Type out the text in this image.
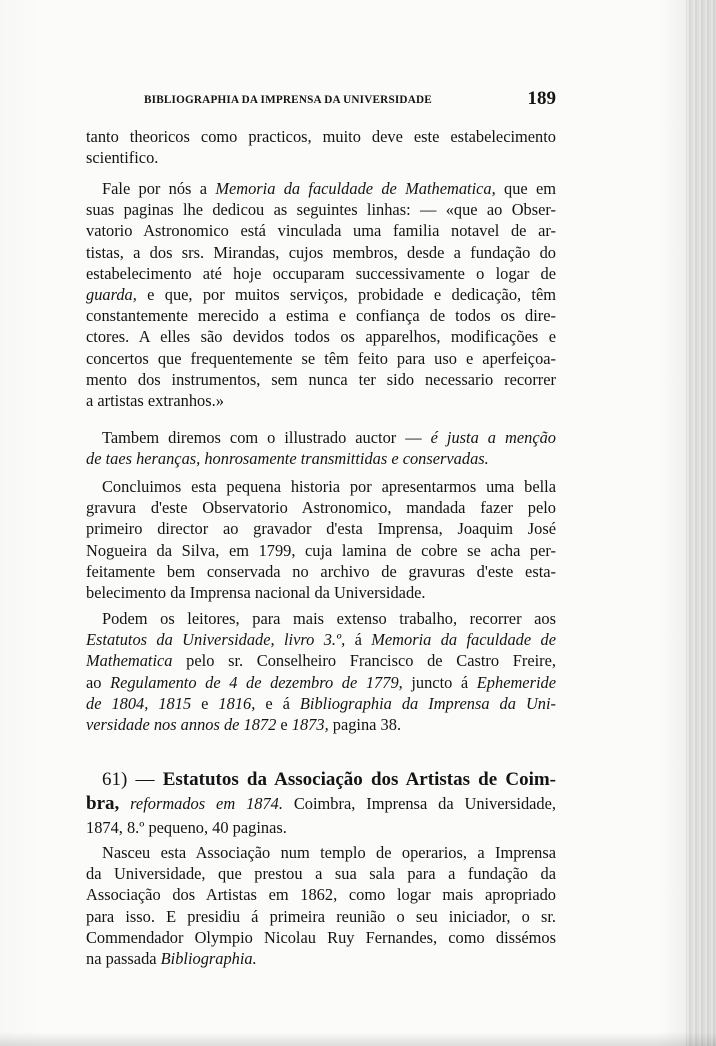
BIBLIOGRAPHIA DA IMPRENSA DA UNIVERSIDADE	189
tanto theoricos como practicos, muito deve este estabelecimento
scientifico.
Fale por nós a Memoria da faculdade de Mathematica, que em
suas paginas lhe dedicou as seguintes linhas: — «que ao Obser-
vatorio Astronomico está vinculada uma familia notavel de ar-
tistas, a dos srs. Mirandas, cujos membros, desde a fundação do
estabelecimento até hoje occuparam successivamente o logar de
guarda, e que, por muitos serviços, probidade e dedicação, têm
constantemente merecido a estima e confiança de todos os dire-
ctores. A elles são devidos todos os apparelhos, modificações e
concertos que frequentemente se têm feito para uso e aperfeiçoa-
mento dos instrumentos, sem nunca ter sido necessario recorrer
a artistas extranhos.»
Tambem diremos com o illustrado auctor — é justa a menção
de taes heranças, honrosamente transmittidas e conservadas.
Concluimos esta pequena historia por apresentarmos uma bella
gravura d'este Observatorio Astronomico, mandada fazer pelo
primeiro director ao gravador d'esta Imprensa, Joaquim José
Nogueira da Silva, em 1799, cuja lamina de cobre se acha per-
feitamente bem conservada no archivo de gravuras d'este esta-
belecimento da Imprensa nacional da Universidade.
Podem os leitores, para mais extenso trabalho, recorrer aos
Estatutos da Universidade, livro 3.º, á Memoria da faculdade de
Mathematica pelo sr. Conselheiro Francisco de Castro Freire,
ao Regulamento de 4 de dezembro de 1779, juncto á Ephemeride
de 1804, 1815 e 1816, e á Bibliographia da Imprensa da Uni-
versidade nos annos de 1872 e 1873, pagina 38.
61) — Estatutos da Associação dos Artistas de Coim-
bra, reformados em 1874. Coimbra, Imprensa da Universidade,
1874, 8.º pequeno, 40 paginas.
Nasceu esta Associação num templo de operarios, a Imprensa
da Universidade, que prestou a sua sala para a fundação da
Associação dos Artistas em 1862, como logar mais apropriado
para isso. E presidiu á primeira reunião o seu iniciador, o sr.
Commendador Olympio Nicolau Ruy Fernandes, como dissémos
na passada Bibliographia.
